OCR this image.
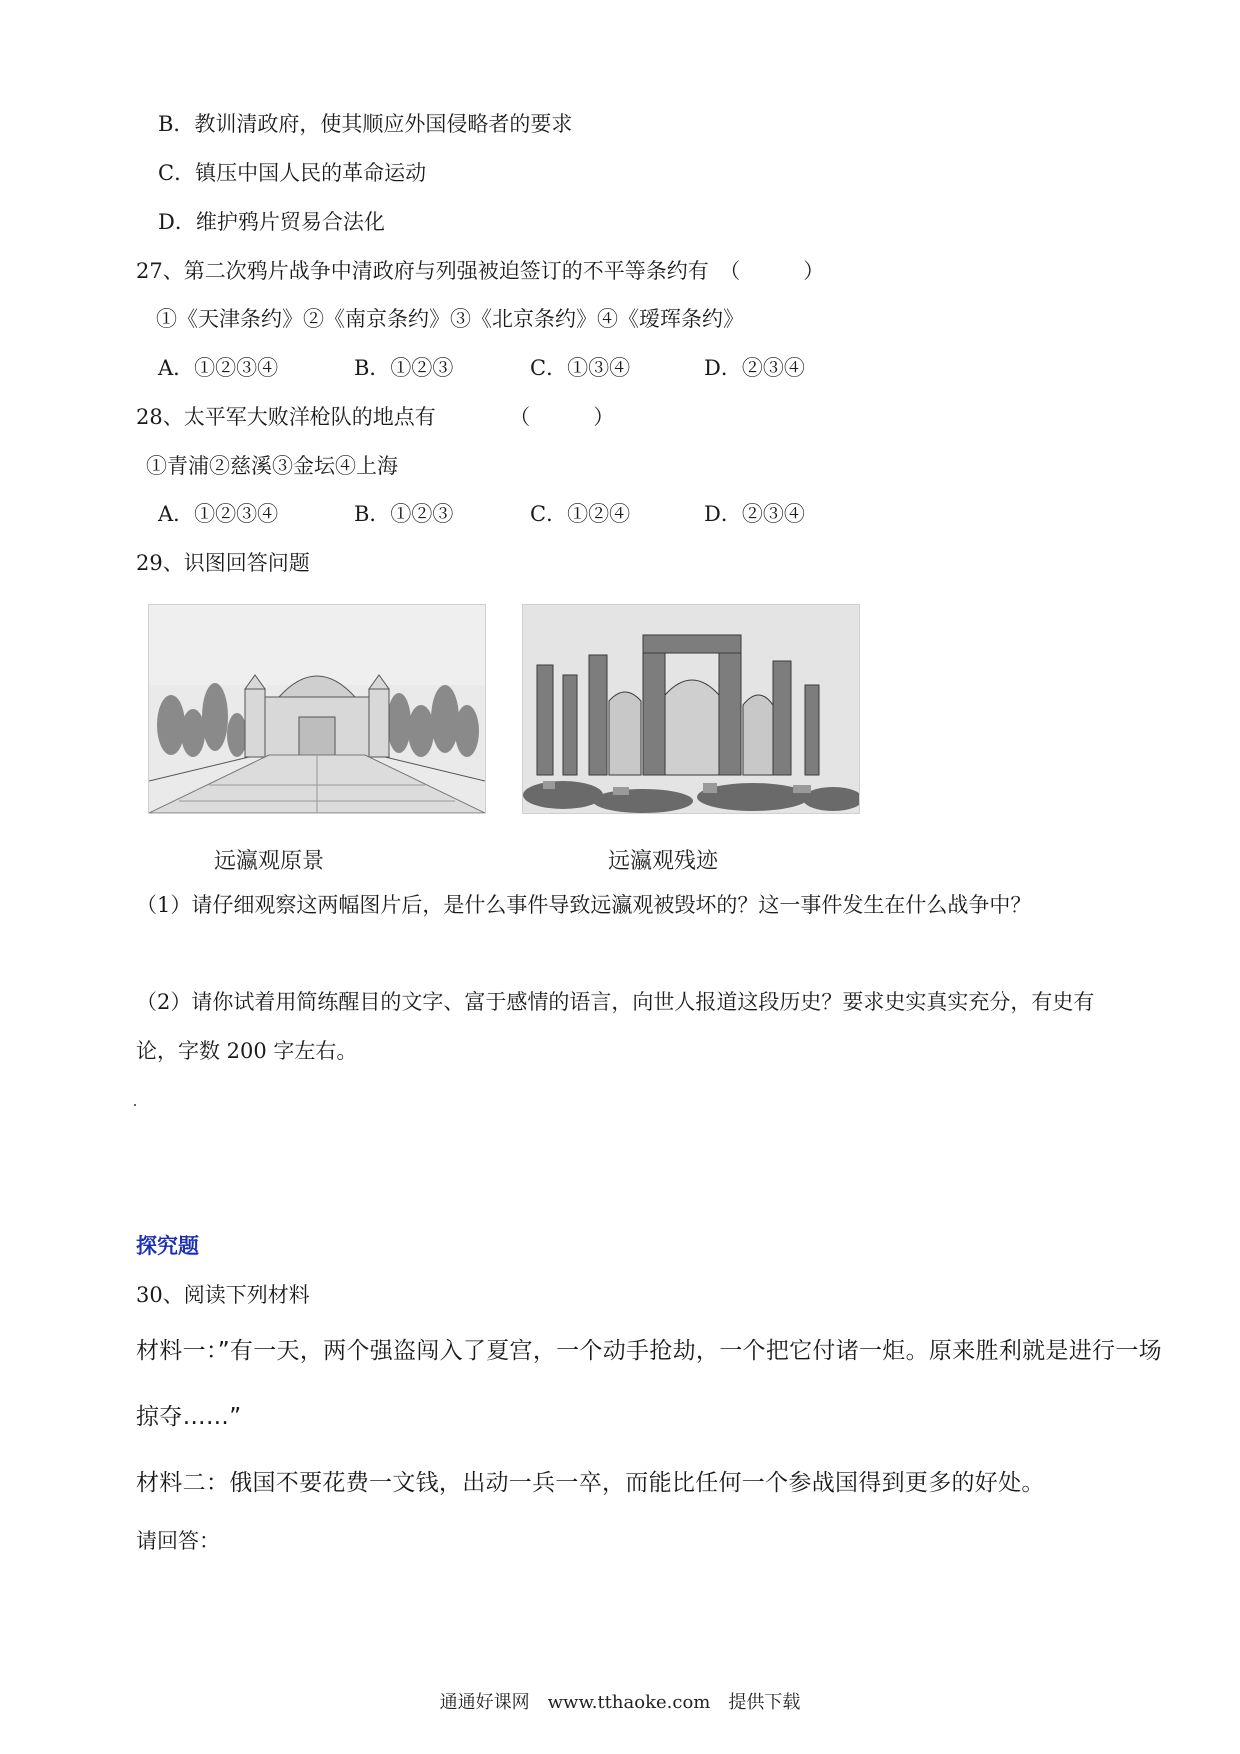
B．教训清政府，使其顺应外国侵略者的要求
C．镇压中国人民的革命运动
D．维护鸦片贸易合法化
27、第二次鸦片战争中清政府与列强被迫签订的不平等条约有　（　　　）
①《天津条约》②《南京条约》③《北京条约》④《瑷珲条约》
A．①②③④	B．①②③	C．①③④	D．②③④
28、太平军大败洋枪队的地点有　　　　（　　　）
①青浦②慈溪③金坛④上海
A．①②③④	B．①②③	C．①②④	D．②③④
29、识图回答问题
远瀛观原景	远瀛观残迹
（1）请仔细观察这两幅图片后，是什么事件导致远瀛观被毁坏的？这一事件发生在什么战争中？
（2）请你试着用简练醒目的文字、富于感情的语言，向世人报道这段历史？要求史实真实充分，有史有
论，字数 200 字左右。
探究题
30、阅读下列材料
材料一：”有一天，两个强盗闯入了夏宫，一个动手抢劫，一个把它付诸一炬。原来胜利就是进行一场
掠夺……”
材料二：俄国不要花费一文钱，出动一兵一卒，而能比任何一个参战国得到更多的好处。
请回答：
通通好课网　www.tthaoke.com　提供下载
